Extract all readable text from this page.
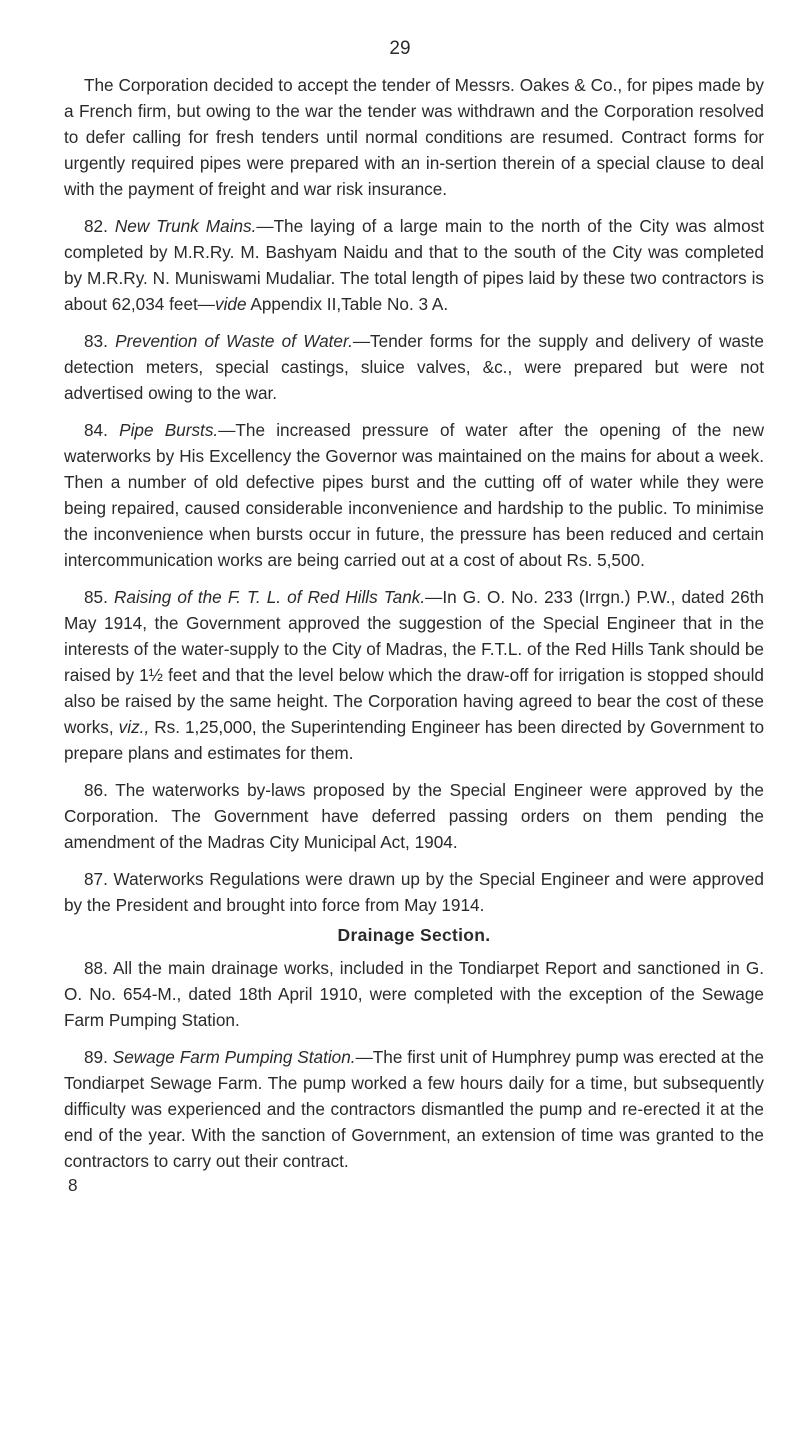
29

The Corporation decided to accept the tender of Messrs. Oakes & Co., for pipes made by a French firm, but owing to the war the tender was withdrawn and the Corporation resolved to defer calling for fresh tenders until normal conditions are resumed. Contract forms for urgently required pipes were prepared with an in-sertion therein of a special clause to deal with the payment of freight and war risk insurance.

82. New Trunk Mains.—The laying of a large main to the north of the City was almost completed by M.R.Ry. M. Bashyam Naidu and that to the south of the City was completed by M.R.Ry. N. Muniswami Mudaliar. The total length of pipes laid by these two contractors is about 62,034 feet—vide Appendix II,Table No. 3 A.

83. Prevention of Waste of Water.—Tender forms for the supply and delivery of waste detection meters, special castings, sluice valves, &c., were prepared but were not advertised owing to the war.

84. Pipe Bursts.—The increased pressure of water after the opening of the new waterworks by His Excellency the Governor was maintained on the mains for about a week. Then a number of old defective pipes burst and the cutting off of water while they were being repaired, caused considerable inconvenience and hardship to the public. To minimise the inconvenience when bursts occur in future, the pressure has been reduced and certain intercommunication works are being carried out at a cost of about Rs. 5,500.

85. Raising of the F. T. L. of Red Hills Tank.—In G. O. No. 233 (Irrgn.) P.W., dated 26th May 1914, the Government approved the suggestion of the Special Engineer that in the interests of the water-supply to the City of Madras, the F.T.L. of the Red Hills Tank should be raised by 1½ feet and that the level below which the draw-off for irrigation is stopped should also be raised by the same height. The Corporation having agreed to bear the cost of these works, viz., Rs. 1,25,000, the Superintending Engineer has been directed by Government to prepare plans and estimates for them.

86. The waterworks by-laws proposed by the Special Engineer were approved by the Corporation. The Government have deferred passing orders on them pending the amendment of the Madras City Municipal Act, 1904.

87. Waterworks Regulations were drawn up by the Special Engineer and were approved by the President and brought into force from May 1914.

Drainage Section.

88. All the main drainage works, included in the Tondiarpet Report and sanctioned in G. O. No. 654-M., dated 18th April 1910, were completed with the exception of the Sewage Farm Pumping Station.

89. Sewage Farm Pumping Station.—The first unit of Humphrey pump was erected at the Tondiarpet Sewage Farm. The pump worked a few hours daily for a time, but subsequently difficulty was experienced and the contractors dismantled the pump and re-erected it at the end of the year. With the sanction of Government, an extension of time was granted to the contractors to carry out their contract.

8
